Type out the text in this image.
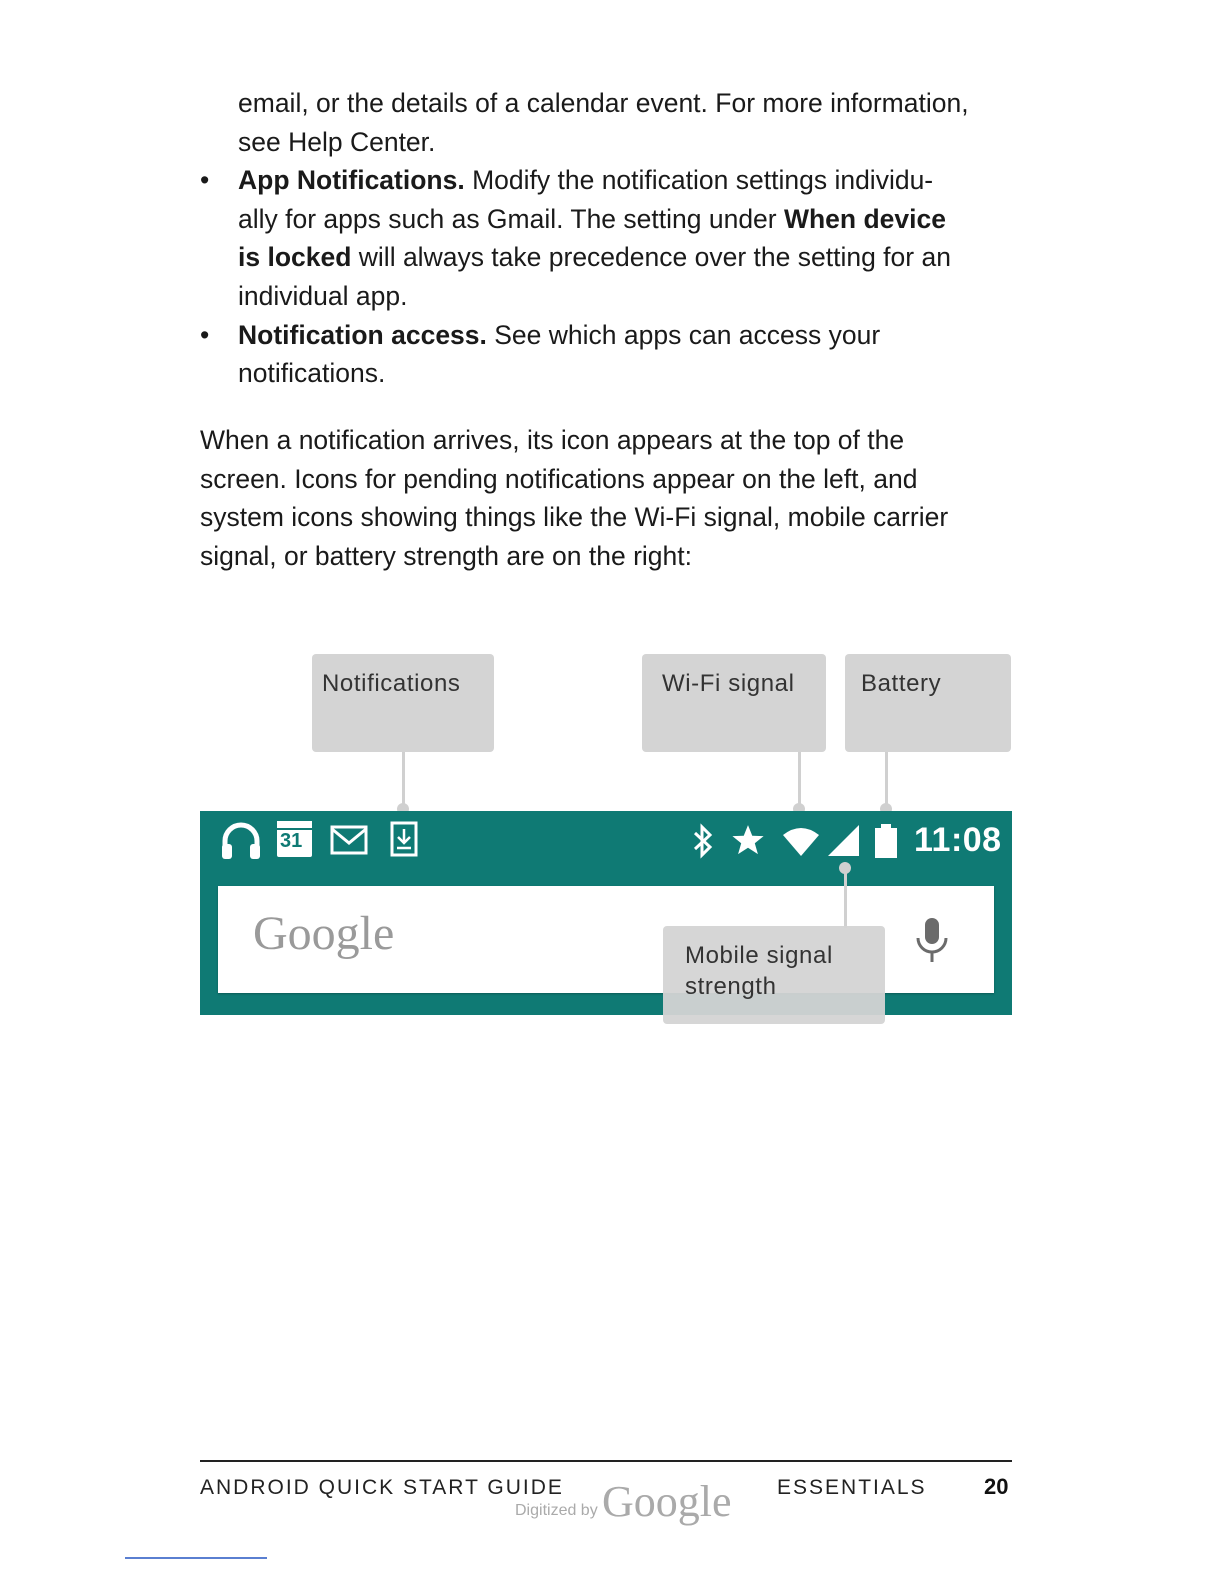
email, or the details of a calendar event. For more information,
see Help Center.
• App Notifications. Modify the notification settings individu-
ally for apps such as Gmail. The setting under When device
is locked will always take precedence over the setting for an
individual app.
• Notification access. See which apps can access your
notifications.
When a notification arrives, its icon appears at the top of the
screen. Icons for pending notifications appear on the left, and
system icons showing things like the Wi-Fi signal, mobile carrier
signal, or battery strength are on the right:
Notifications	Wi-Fi signal	Battery
31	11:08
Google	Mobile signal
strength
ANDROID QUICK START GUIDE	ESSENTIALS	20
Digitized by Google
